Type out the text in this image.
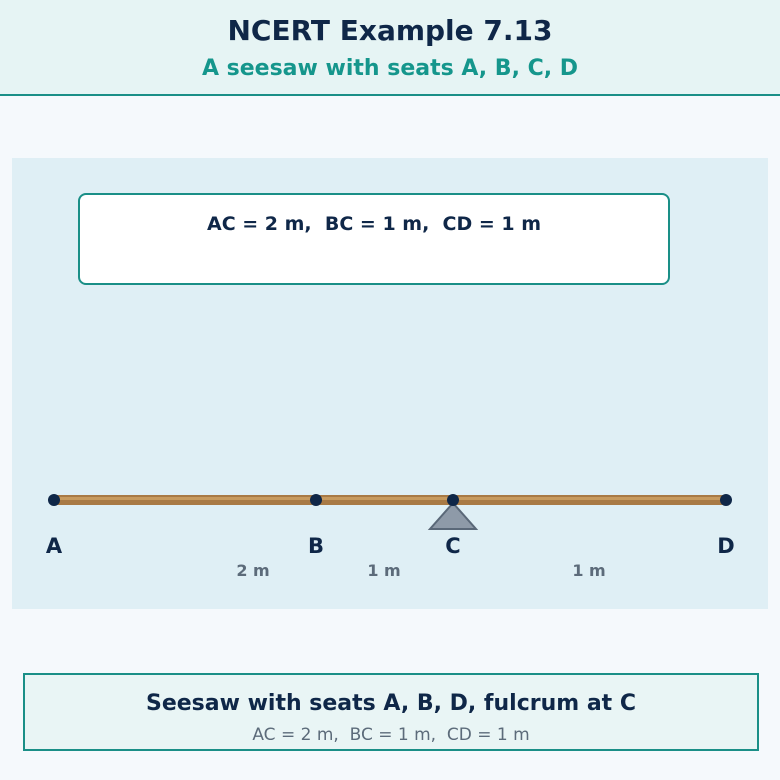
NCERT Example 7.13
A seesaw with seats A, B, C, D
AC = 2 m,  BC = 1 m,  CD = 1 m
A	B	C	D
2 m	1 m	1 m
Seesaw with seats A, B, D, fulcrum at C
AC = 2 m,  BC = 1 m,  CD = 1 m
